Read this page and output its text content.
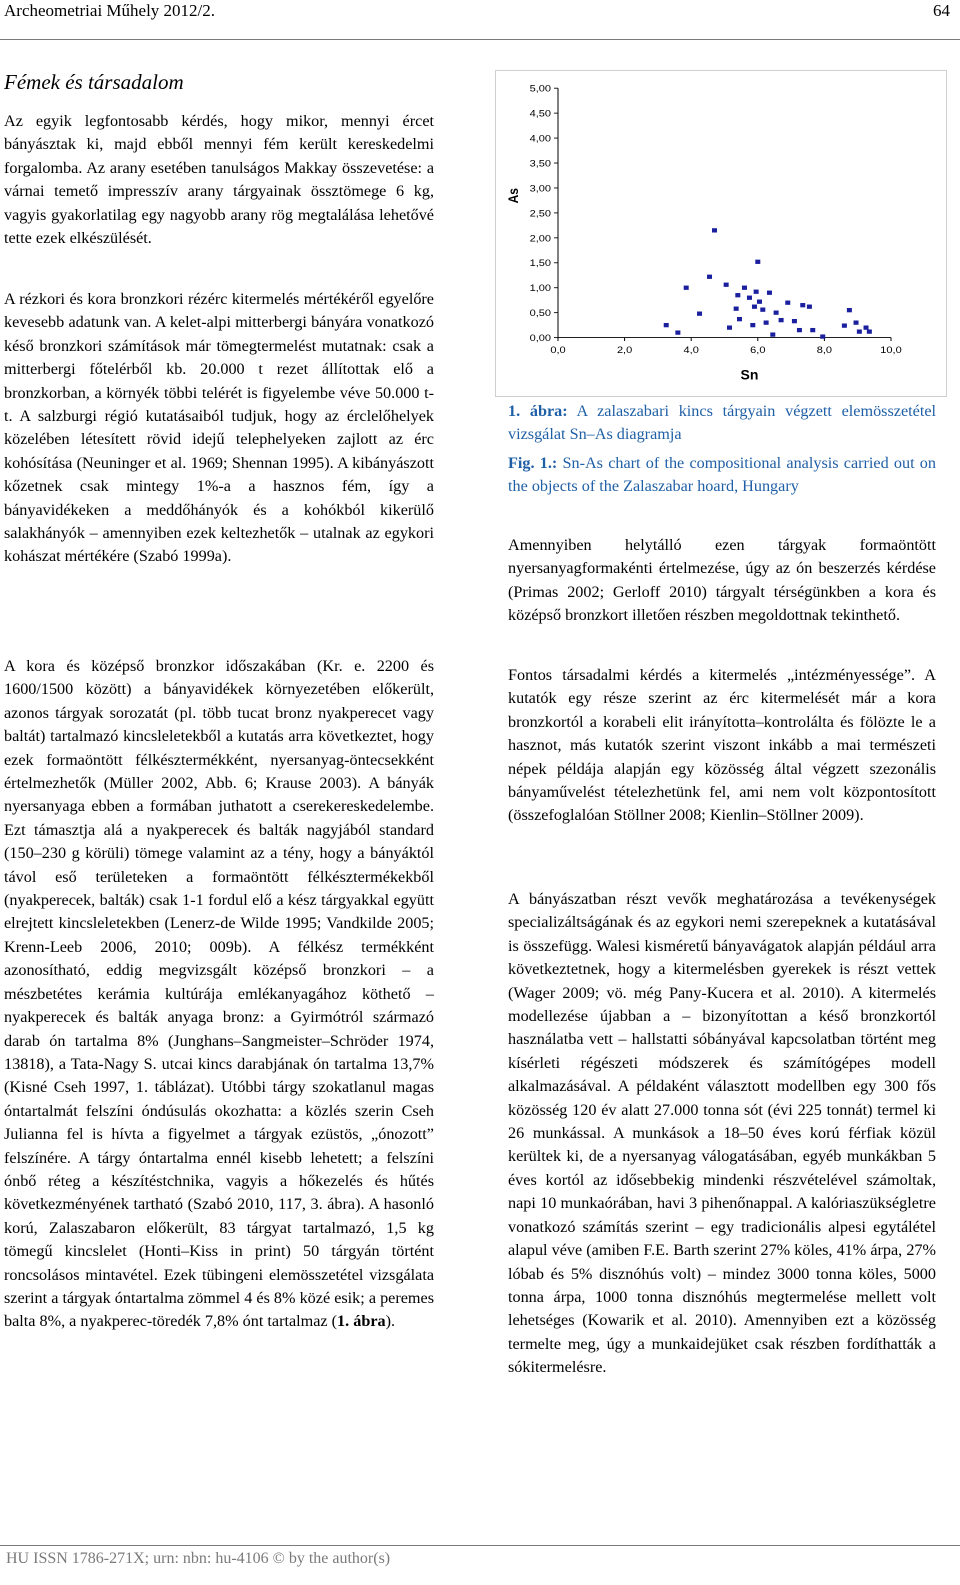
Archeometriai Műhely 2012/2.	64
Fémek és társadalom

Az egyik legfontosabb kérdés, hogy mikor, mennyi ércet bányásztak ki, majd ebből mennyi fém került kereskedelmi forgalomba. Az arany esetében tanulságos Makkay összevetése: a várnai temető impresszív arany tárgyainak össztömege 6 kg, vagyis gyakorlatilag egy nagyobb arany rög megtalálása lehetővé tette ezek elkészülését.

A rézkori és kora bronzkori rézérc kitermelés mértékéről egyelőre kevesebb adatunk van. A kelet-alpi mitterbergi bányára vonatkozó késő bronzkori számítások már tömegtermelést mutatnak: csak a mitterbergi főtelérből kb. 20.000 t rezet állítottak elő a bronzkorban, a környék többi telérét is figyelembe véve 50.000 t-t. A salzburgi régió kutatásaiból tudjuk, hogy az érclelőhelyek közelében létesített rövid idejű telephelyeken zajlott az érc kohósítása (Neuninger et al. 1969; Shennan 1995). A kibányászott kőzetnek csak mintegy 1%-a a hasznos fém, így a bányavidékeken a meddőhányók és a kohókból kikerülő salakhányók – amennyiben ezek keltezhetők – utalnak az egykori kohászat mértékére (Szabó 1999a).

A kora és középső bronzkor időszakában (Kr. e. 2200 és 1600/1500 között) a bányavidékek környezetében előkerült, azonos tárgyak sorozatát (pl. több tucat bronz nyakperecet vagy baltát) tartalmazó kincsleletekből a kutatás arra következtet, hogy ezek formaöntött félkésztermékként, nyersanyag-öntecsekként értelmezhetők (Müller 2002, Abb. 6; Krause 2003). A bányák nyersanyaga ebben a formában juthatott a cserekereskedelembe. Ezt támasztja alá a nyakperecek és balták nagyjából standard (150–230 g körüli) tömege valamint az a tény, hogy a bányáktól távol eső területeken a formaöntött félkésztermékekből (nyakperecek, balták) csak 1-1 fordul elő a kész tárgyakkal együtt elrejtett kincsleletekben (Lenerz-de Wilde 1995; Vandkilde 2005; Krenn-Leeb 2006, 2010; 009b). A félkész termékként azonosítható, eddig megvizsgált középső bronzkori – a mészbetétes kerámia kultúrája emlékanyagához köthető – nyakperecek és balták anyaga bronz: a Gyirmótról származó darab ón tartalma 8% (Junghans–Sangmeister–Schröder 1974, 13818), a Tata-Nagy S. utcai kincs darabjának ón tartalma 13,7% (Kisné Cseh 1997, 1. táblázat). Utóbbi tárgy szokatlanul magas óntartalmát felszíni óndúsulás okozhatta: a közlés szerin Cseh Julianna fel is hívta a figyelmet a tárgyak ezüstös, „ónozott” felszínére. A tárgy óntartalma ennél kisebb lehetett; a felszíni ónbő réteg a készítéstchnika, vagyis a hőkezelés és hűtés következményének tartható (Szabó 2010, 117, 3. ábra). A hasonló korú, Zalaszabaron előkerült, 83 tárgyat tartalmazó, 1,5 kg tömegű kincslelet (Honti–Kiss in print) 50 tárgyán történt roncsolásos mintavétel. Ezek tübingeni elemösszetétel vizsgálata szerint a tárgyak óntartalma zömmel 4 és 8% közé esik; a peremes balta 8%, a nyakperec-töredék 7,8% ónt tartalmaz (1. ábra).

0,00
0,50
1,00
1,50
2,00
2,50
3,00
3,50
4,00
4,50
5,00
0,0	2,0	4,0	6,0	8,0	10,0
As
Sn
1. ábra: A zalaszabari kincs tárgyain végzett elemösszetétel vizsgálat Sn–As diagramja
Fig. 1.: Sn-As chart of the compositional analysis carried out on the objects of the Zalaszabar hoard, Hungary

Amennyiben helytálló ezen tárgyak formaöntött nyersanyagformakénti értelmezése, úgy az ón beszerzés kérdése (Primas 2002; Gerloff 2010) tárgyalt térségünkben a kora és középső bronzkort illetően részben megoldottnak tekinthető.

Fontos társadalmi kérdés a kitermelés „intézményessége”. A kutatók egy része szerint az érc kitermelését már a kora bronzkortól a korabeli elit irányította–kontrolálta és fölözte le a hasznot, más kutatók szerint viszont inkább a mai természeti népek példája alapján egy közösség által végzett szezonális bányaművelést tételezhetünk fel, ami nem volt központosított (összefoglalóan Stöllner 2008; Kienlin–Stöllner 2009).

A bányászatban részt vevők meghatározása a tevékenységek specializáltságának és az egykori nemi szerepeknek a kutatásával is összefügg. Walesi kisméretű bányavágatok alapján például arra következtetnek, hogy a kitermelésben gyerekek is részt vettek (Wager 2009; vö. még Pany-Kucera et al. 2010). A kitermelés modellezése újabban a – bizonyítottan a késő bronzkortól használatba vett – hallstatti sóbányával kapcsolatban történt meg kísérleti régészeti módszerek és számítógépes modell alkalmazásával. A példaként választott modellben egy 300 fős közösség 120 év alatt 27.000 tonna sót (évi 225 tonnát) termel ki 26 munkással. A munkások a 18–50 éves korú férfiak közül kerültek ki, de a nyersanyag válogatásában, egyéb munkákban 5 éves kortól az idősebbekig mindenki részvételével számoltak, napi 10 munkaórában, havi 3 pihenőnappal. A kalóriaszükségletre vonatkozó számítás szerint – egy tradicionális alpesi egytálétel alapul véve (amiben F.E. Barth szerint 27% köles, 41% árpa, 27% lóbab és 5% disznóhús volt) – mindez 3000 tonna köles, 5000 tonna árpa, 1000 tonna disznóhús megtermelése mellett volt lehetséges (Kowarik et al. 2010). Amennyiben ezt a közösség termelte meg, úgy a munkaidejüket csak részben fordíthatták a sókitermelésre.

HU ISSN 1786-271X; urn: nbn: hu-4106 © by the author(s)
